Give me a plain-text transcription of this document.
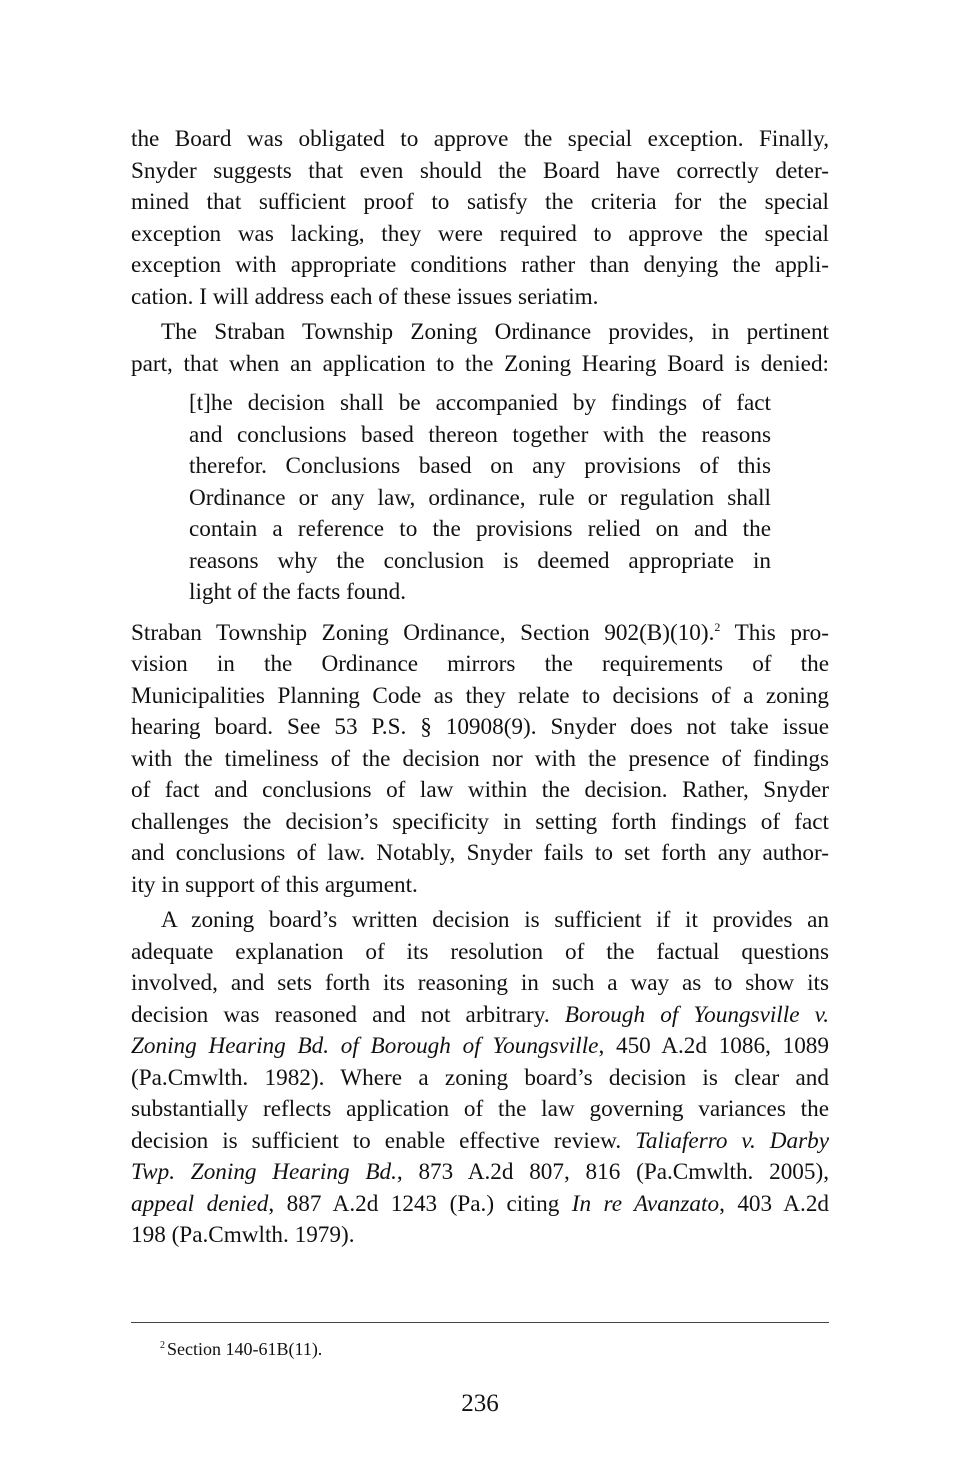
the Board was obligated to approve the special exception. Finally,
Snyder suggests that even should the Board have correctly deter-
mined that sufficient proof to satisfy the criteria for the special
exception was lacking, they were required to approve the special
exception with appropriate conditions rather than denying the appli-
cation. I will address each of these issues seriatim.

The Straban Township Zoning Ordinance provides, in pertinent
part, that when an application to the Zoning Hearing Board is denied:

[t]he decision shall be accompanied by findings of fact
and conclusions based thereon together with the reasons
therefor. Conclusions based on any provisions of this
Ordinance or any law, ordinance, rule or regulation shall
contain a reference to the provisions relied on and the
reasons why the conclusion is deemed appropriate in
light of the facts found.

Straban Township Zoning Ordinance, Section 902(B)(10).$^2$ This pro-
vision in the Ordinance mirrors the requirements of the
Municipalities Planning Code as they relate to decisions of a zoning
hearing board. See 53 P.S. § 10908(9). Snyder does not take issue
with the timeliness of the decision nor with the presence of findings
of fact and conclusions of law within the decision. Rather, Snyder
challenges the decision’s specificity in setting forth findings of fact
and conclusions of law. Notably, Snyder fails to set forth any author-
ity in support of this argument.

A zoning board’s written decision is sufficient if it provides an
adequate explanation of its resolution of the factual questions
involved, and sets forth its reasoning in such a way as to show its
decision was reasoned and not arbitrary. Borough of Youngsville v.
Zoning Hearing Bd. of Borough of Youngsville, 450 A.2d 1086, 1089
(Pa.Cmwlth. 1982). Where a zoning board’s decision is clear and
substantially reflects application of the law governing variances the
decision is sufficient to enable effective review. Taliaferro v. Darby
Twp. Zoning Hearing Bd., 873 A.2d 807, 816 (Pa.Cmwlth. 2005),
appeal denied, 887 A.2d 1243 (Pa.) citing In re Avanzato, 403 A.2d
198 (Pa.Cmwlth. 1979).

$^2$ Section 140-61B(11).
236
